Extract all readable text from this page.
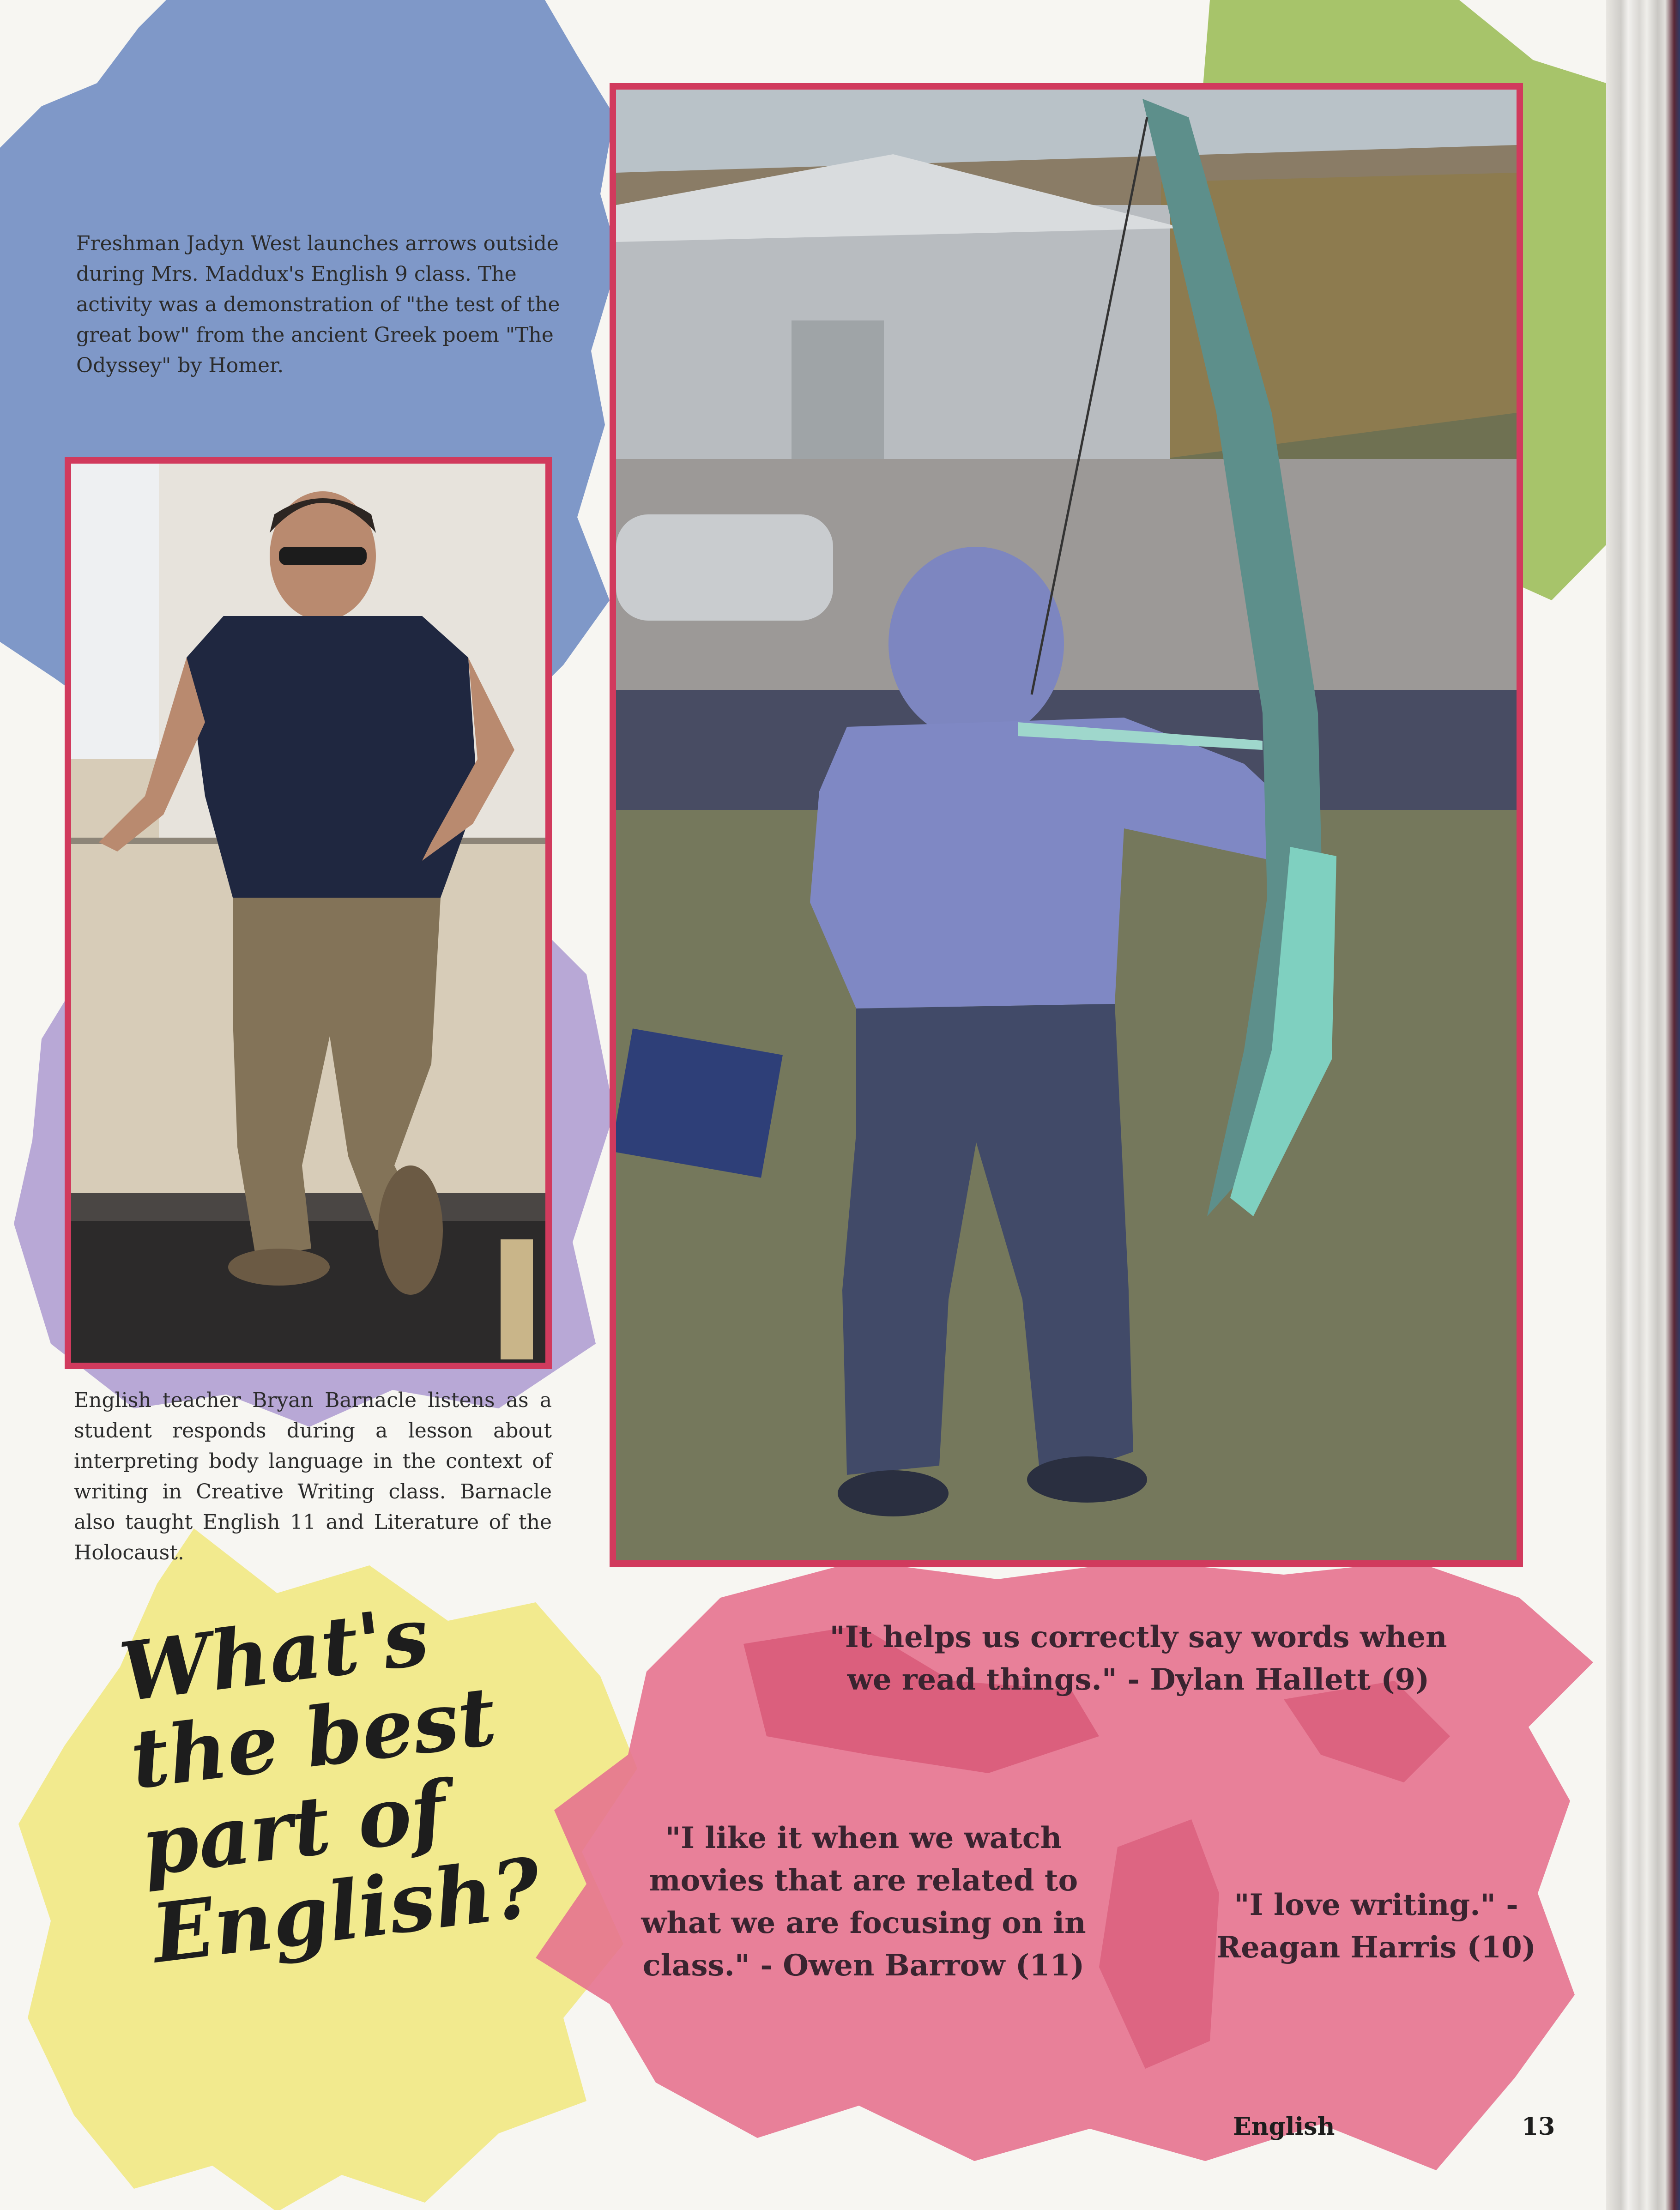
Freshman Jadyn West launches arrows outside during Mrs. Maddux's English 9 class. The activity was a demonstration of "the test of the great bow" from the ancient Greek poem "The Odyssey" by Homer.

English teacher Bryan Barnacle listens as a student responds during a lesson about interpreting body language in the context of writing in Creative Writing class. Barnacle also taught English 11 and Literature of the Holocaust.

What's the best part of English?

"It helps us correctly say words when we read things." - Dylan Hallett (9)

"I like it when we watch movies that are related to what we are focusing on in class." - Owen Barrow (11)

"I love writing." - Reagan Harris (10)

English	13
